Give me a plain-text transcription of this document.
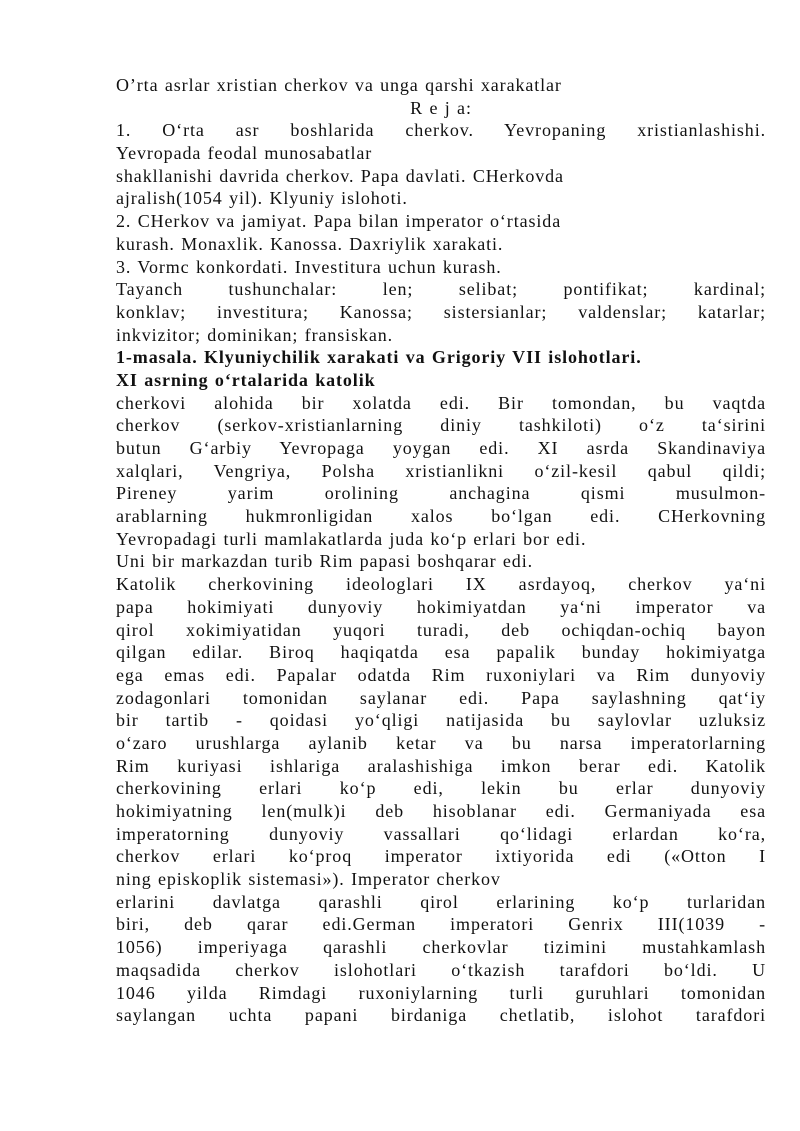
O’rta asrlar xristian cherkov va unga qarshi xarakatlar
R e j a:
1. O‘rta asr boshlarida cherkov. Yevropaning xristianlashishi.
Yevropada feodal munosabatlar
shakllanishi davrida cherkov. Papa davlati. CHerkovda
ajralish(1054 yil). Klyuniy islohoti.
2. CHerkov va jamiyat. Papa bilan imperator o‘rtasida
kurash. Monaxlik. Kanossa. Daxriylik xarakati.
3. Vormc konkordati. Investitura uchun kurash.
Tayanch tushunchalar: len; selibat; pontifikat; kardinal;
konklav; investitura; Kanossa; sistersianlar; valdenslar; katarlar;
inkvizitor; dominikan; fransiskan.
1-masala. Klyuniychilik xarakati va Grigoriy VII islohotlari.
XI asrning o‘rtalarida katolik
cherkovi alohida bir xolatda edi. Bir tomondan, bu vaqtda
cherkov (serkov-xristianlarning diniy tashkiloti) o‘z ta‘sirini
butun G‘arbiy Yevropaga yoygan edi. XI asrda Skandinaviya
xalqlari, Vengriya, Polsha xristianlikni o‘zil-kesil qabul qildi;
Pireney yarim orolining anchagina qismi musulmon-
arablarning hukmronligidan xalos bo‘lgan edi. CHerkovning
Yevropadagi turli mamlakatlarda juda ko‘p erlari bor edi.
Uni bir markazdan turib Rim papasi boshqarar edi.
Katolik cherkovining ideologlari IX asrdayoq, cherkov ya‘ni
papa hokimiyati dunyoviy hokimiyatdan ya‘ni imperator va
qirol xokimiyatidan yuqori turadi, deb ochiqdan-ochiq bayon
qilgan edilar. Biroq haqiqatda esa papalik bunday hokimiyatga
ega emas edi. Papalar odatda Rim ruxoniylari va Rim dunyoviy
zodagonlari tomonidan saylanar edi. Papa saylashning qat‘iy
bir tartib - qoidasi yo‘qligi natijasida bu saylovlar uzluksiz
o‘zaro urushlarga aylanib ketar va bu narsa imperatorlarning
Rim kuriyasi ishlariga aralashishiga imkon berar edi. Katolik
cherkovining erlari ko‘p edi, lekin bu erlar dunyoviy
hokimiyatning len(mulk)i deb hisoblanar edi. Germaniyada esa
imperatorning dunyoviy vassallari qo‘lidagi erlardan ko‘ra,
cherkov erlari ko‘proq imperator ixtiyorida edi («Otton I
ning episkoplik sistemasi»). Imperator cherkov
erlarini davlatga qarashli qirol erlarining ko‘p turlaridan
biri, deb qarar edi.German imperatori Genrix III(1039 -
1056) imperiyaga qarashli cherkovlar tizimini mustahkamlash
maqsadida cherkov islohotlari o‘tkazish tarafdori bo‘ldi. U
1046 yilda Rimdagi ruxoniylarning turli guruhlari tomonidan
saylangan uchta papani birdaniga chetlatib, islohot tarafdori
